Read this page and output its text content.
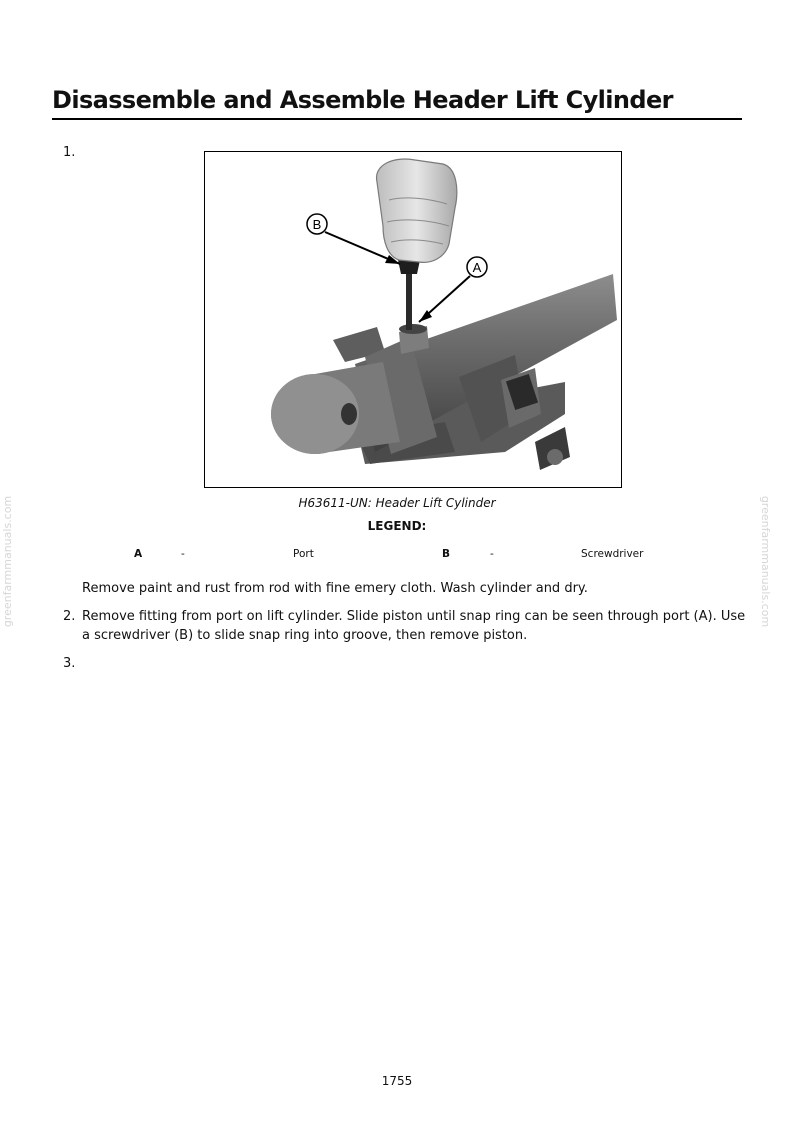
Disassemble and Assemble Header Lift Cylinder
1.
B
A
H63611-UN: Header Lift Cylinder
LEGEND:
A	-	Port	B	-	Screwdriver
Remove paint and rust from rod with fine emery cloth. Wash cylinder and dry.
2. Remove fitting from port on lift cylinder. Slide piston until snap ring can be seen through port (A). Use a screwdriver (B) to slide snap ring into groove, then remove piston.
3.
greenfarmmanuals.com	greenfarmmanuals.com
1755
